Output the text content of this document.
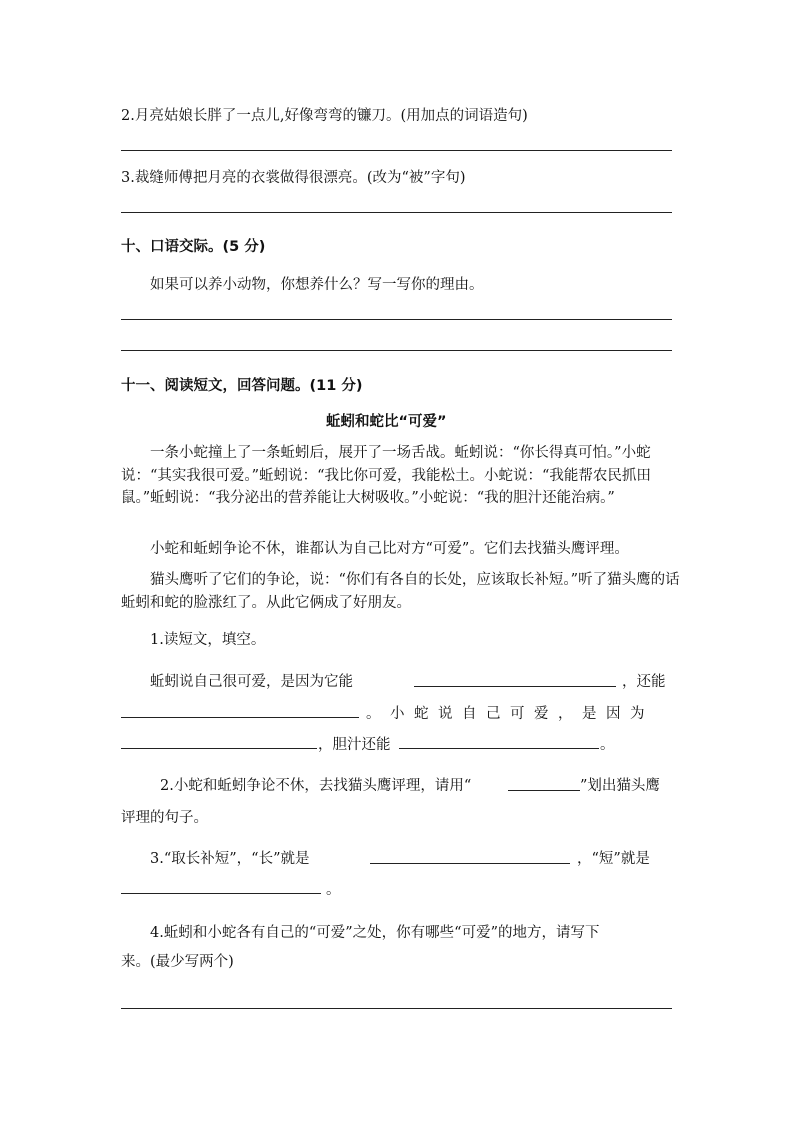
2.月亮姑娘长胖了一点儿,好像弯弯的镰刀。(用加点的词语造句)
3.裁缝师傅把月亮的衣裳做得很漂亮。(改为“被”字句)
十、口语交际。(5 分)
如果可以养小动物，你想养什么？写一写你的理由。
十一、阅读短文，回答问题。(11 分)
蚯蚓和蛇比“可爱”
一条小蛇撞上了一条蚯蚓后，展开了一场舌战。蚯蚓说：“你长得真可怕。”小蛇说：“其实我很可爱。”蚯蚓说：“我比你可爱，我能松土。小蛇说：“我能帮农民抓田鼠。”蚯蚓说：“我分泌出的营养能让大树吸收。”小蛇说：“我的胆汁还能治病。”
小蛇和蚯蚓争论不休，谁都认为自己比对方“可爱”。它们去找猫头鹰评理。
猫头鹰听了它们的争论，说：“你们有各自的长处，应该取长补短。”听了猫头鹰的话蚯蚓和蛇的脸涨红了。从此它俩成了好朋友。
1.读短文，填空。
蚯蚓说自己很可爱，是因为它能	，还能
。小蛇说自己可爱，是因为
，胆汁还能	。
2.小蛇和蚯蚓争论不休，去找猫头鹰评理，请用“	”划出猫头鹰
评理的句子。
3.“取长补短”，“长”就是	，“短”就是
。
4.蚯蚓和小蛇各有自己的“可爱”之处，你有哪些“可爱”的地方，请写下
来。(最少写两个)
